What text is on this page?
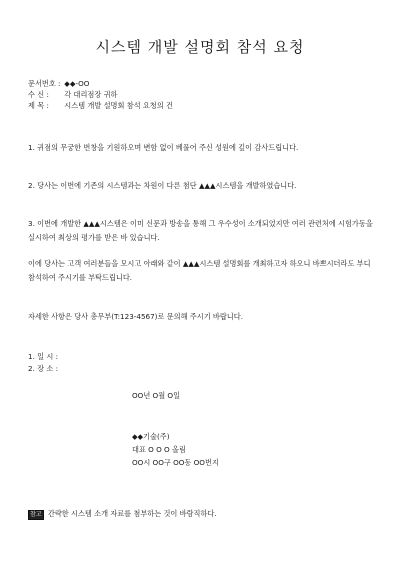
시스템 개발 설명회 참석 요청
문서번호 : ◆◆-OO
수 신 : 각 대리점장 귀하
제 목 : 시스템 개발 설명회 참석 요청의 건
1. 귀점의 무궁한 번창을 기원하오며 변함 없이 베풀어 주신 성원에 깊이 감사드립니다.
2. 당사는 이번에 기존의 시스템과는 차원이 다른 첨단 ▲▲▲시스템을 개발하였습니다.
3. 이번에 개발한 ▲▲▲시스템은 이미 신문과 방송을 통해 그 우수성이 소개되었지만 여러 관련처에 시험가동을 실시하여 최상의 평가를 받은 바 있습니다.
이에 당사는 고객 여러분들을 모시고 아래와 같이 ▲▲▲시스템 설명회를 개최하고자 하오니 바쁘시더라도 부디 참석하여 주시기를 부탁드립니다.
자세한 사항은 당사 총무부(T:123-4567)로 문의해 주시기 바랍니다.
1. 일 시 :
2. 장 소 :
OO년 O월 O일
◆◆기술(주)
대표 O O O 올림
OO시 OO구 OO동 OO번지
참고 간략한 시스템 소개 자료를 첨부하는 것이 바람직하다.
